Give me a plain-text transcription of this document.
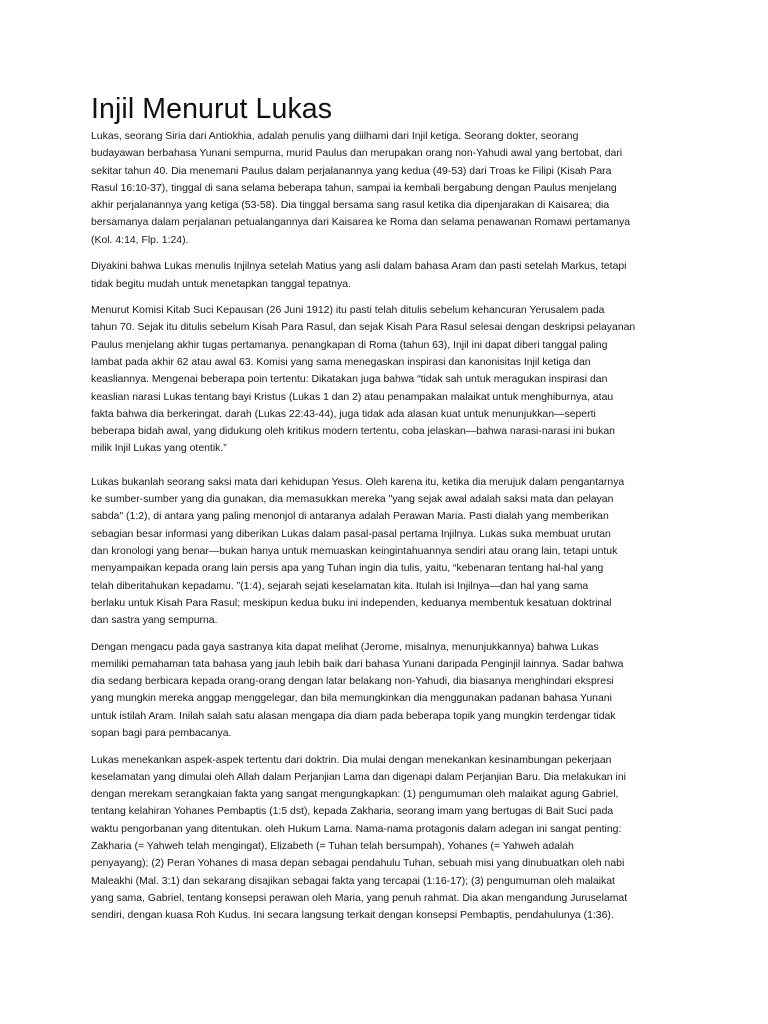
Injil Menurut Lukas

Lukas, seorang Siria dari Antiokhia, adalah penulis yang diilhami dari Injil ketiga. Seorang dokter, seorang
budayawan berbahasa Yunani sempurna, murid Paulus dan merupakan orang non-Yahudi awal yang bertobat, dari
sekitar tahun 40. Dia menemani Paulus dalam perjalanannya yang kedua (49-53) dari Troas ke Filipi (Kisah Para
Rasul 16:10-37), tinggal di sana selama beberapa tahun, sampai ia kembali bergabung dengan Paulus menjelang
akhir perjalanannya yang ketiga (53-58). Dia tinggal bersama sang rasul ketika dia dipenjarakan di Kaisarea; dia
bersamanya dalam perjalanan petualangannya dari Kaisarea ke Roma dan selama penawanan Romawi pertamanya
(Kol. 4:14, Flp. 1:24).

Diyakini bahwa Lukas menulis Injilnya setelah Matius yang asli dalam bahasa Aram dan pasti setelah Markus, tetapi
tidak begitu mudah untuk menetapkan tanggal tepatnya.

Menurut Komisi Kitab Suci Kepausan (26 Juni 1912) itu pasti telah ditulis sebelum kehancuran Yerusalem pada
tahun 70. Sejak itu ditulis sebelum Kisah Para Rasul, dan sejak Kisah Para Rasul selesai dengan deskripsi pelayanan
Paulus menjelang akhir tugas pertamanya. penangkapan di Roma (tahun 63), Injil ini dapat diberi tanggal paling
lambat pada akhir 62 atau awal 63. Komisi yang sama menegaskan inspirasi dan kanonisitas Injil ketiga dan
keasliannya. Mengenai beberapa poin tertentu: Dikatakan juga bahwa “tidak sah untuk meragukan inspirasi dan
keaslian narasi Lukas tentang bayi Kristus (Lukas 1 dan 2) atau penampakan malaikat untuk menghiburnya, atau
fakta bahwa dia berkeringat. darah (Lukas 22:43-44), juga tidak ada alasan kuat untuk menunjukkan—seperti
beberapa bidah awal, yang didukung oleh kritikus modern tertentu, coba jelaskan—bahwa narasi-narasi ini bukan
milik Injil Lukas yang otentik.”

Lukas bukanlah seorang saksi mata dari kehidupan Yesus. Oleh karena itu, ketika dia merujuk dalam pengantarnya
ke sumber-sumber yang dia gunakan, dia memasukkan mereka "yang sejak awal adalah saksi mata dan pelayan
sabda" (1:2), di antara yang paling menonjol di antaranya adalah Perawan Maria. Pasti dialah yang memberikan
sebagian besar informasi yang diberikan Lukas dalam pasal-pasal pertama Injilnya. Lukas suka membuat urutan
dan kronologi yang benar—bukan hanya untuk memuaskan keingintahuannya sendiri atau orang lain, tetapi untuk
menyampaikan kepada orang lain persis apa yang Tuhan ingin dia tulis, yaitu, “kebenaran tentang hal-hal yang
telah diberitahukan kepadamu. ”(1:4), sejarah sejati keselamatan kita. Itulah isi Injilnya—dan hal yang sama
berlaku untuk Kisah Para Rasul; meskipun kedua buku ini independen, keduanya membentuk kesatuan doktrinal
dan sastra yang sempurna.

Dengan mengacu pada gaya sastranya kita dapat melihat (Jerome, misalnya, menunjukkannya) bahwa Lukas
memiliki pemahaman tata bahasa yang jauh lebih baik dari bahasa Yunani daripada Penginjil lainnya. Sadar bahwa
dia sedang berbicara kepada orang-orang dengan latar belakang non-Yahudi, dia biasanya menghindari ekspresi
yang mungkin mereka anggap menggelegar, dan bila memungkinkan dia menggunakan padanan bahasa Yunani
untuk istilah Aram. Inilah salah satu alasan mengapa dia diam pada beberapa topik yang mungkin terdengar tidak
sopan bagi para pembacanya.

Lukas menekankan aspek-aspek tertentu dari doktrin. Dia mulai dengan menekankan kesinambungan pekerjaan
keselamatan yang dimulai oleh Allah dalam Perjanjian Lama dan digenapi dalam Perjanjian Baru. Dia melakukan ini
dengan merekam serangkaian fakta yang sangat mengungkapkan: (1) pengumuman oleh malaikat agung Gabriel,
tentang kelahiran Yohanes Pembaptis (1:5 dst), kepada Zakharia, seorang imam yang bertugas di Bait Suci pada
waktu pengorbanan yang ditentukan. oleh Hukum Lama. Nama-nama protagonis dalam adegan ini sangat penting:
Zakharia (= Yahweh telah mengingat), Elizabeth (= Tuhan telah bersumpah), Yohanes (= Yahweh adalah
penyayang); (2) Peran Yohanes di masa depan sebagai pendahulu Tuhan, sebuah misi yang dinubuatkan oleh nabi
Maleakhi (Mal. 3:1) dan sekarang disajikan sebagai fakta yang tercapai (1:16-17); (3) pengumuman oleh malaikat
yang sama, Gabriel, tentang konsepsi perawan oleh Maria, yang penuh rahmat. Dia akan mengandung Juruselamat
sendiri, dengan kuasa Roh Kudus. Ini secara langsung terkait dengan konsepsi Pembaptis, pendahulunya (1:36).
